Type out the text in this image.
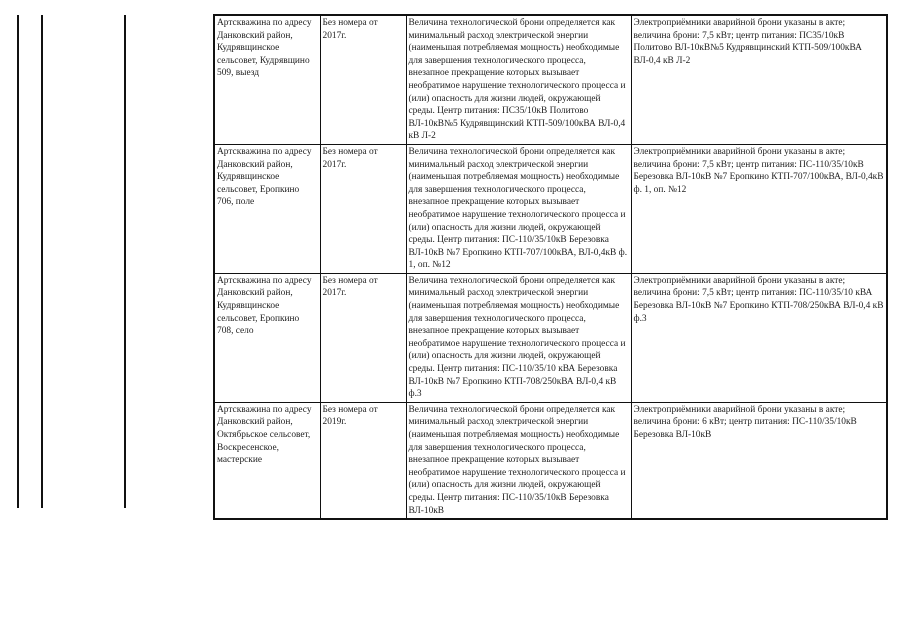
Артскважина по адресу Данковский район, Кудрявщинское сельсовет, Кудрявщино 509, выезд	Без номера от 2017г.	Величина технологической брони определяется как минимальный расход электрической энергии (наименьшая потребляемая мощность) необходимые для завершения технологического процесса, внезапное прекращение которых вызывает необратимое нарушение технологического процесса и (или) опасность для жизни людей, окружающей среды. Центр питания: ПС35/10кВ Политово ВЛ-10кВ№5 Кудрявщинский КТП-509/100кВА ВЛ-0,4 кВ Л-2	Электроприёмники аварийной брони указаны в акте; величина брони: 7,5 кВт; центр питания: ПС35/10кВ Политово ВЛ-10кВ№5 Кудрявщинский КТП-509/100кВА ВЛ-0,4 кВ Л-2
Артскважина по адресу Данковский район, Кудрявщинское сельсовет, Еропкино 706, поле	Без номера от 2017г.	Величина технологической брони определяется как минимальный расход электрической энергии (наименьшая потребляемая мощность) необходимые для завершения технологического процесса, внезапное прекращение которых вызывает необратимое нарушение технологического процесса и (или) опасность для жизни людей, окружающей среды. Центр питания: ПС-110/35/10кВ Березовка ВЛ-10кВ №7 Еропкино КТП-707/100кВА, ВЛ-0,4кВ ф. 1, оп. №12	Электроприёмники аварийной брони указаны в акте; величина брони: 7,5 кВт; центр питания: ПС-110/35/10кВ Березовка ВЛ-10кВ №7 Еропкино КТП-707/100кВА, ВЛ-0,4кВ ф. 1, оп. №12
Артскважина по адресу Данковский район, Кудрявщинское сельсовет, Еропкино 708, село	Без номера от 2017г.	Величина технологической брони определяется как минимальный расход электрической энергии (наименьшая потребляемая мощность) необходимые для завершения технологического процесса, внезапное прекращение которых вызывает необратимое нарушение технологического процесса и (или) опасность для жизни людей, окружающей среды. Центр питания: ПС-110/35/10 кВА Березовка ВЛ-10кВ №7 Еропкино КТП-708/250кВА ВЛ-0,4 кВ ф.3	Электроприёмники аварийной брони указаны в акте; величина брони: 7,5 кВт; центр питания: ПС-110/35/10 кВА Березовка ВЛ-10кВ №7 Еропкино КТП-708/250кВА ВЛ-0,4 кВ ф.3
Артскважина по адресу Данковский район, Октябрьское сельсовет, Воскресенское, мастерские	Без номера от 2019г.	Величина технологической брони определяется как минимальный расход электрической энергии (наименьшая потребляемая мощность) необходимые для завершения технологического процесса, внезапное прекращение которых вызывает необратимое нарушение технологического процесса и (или) опасность для жизни людей, окружающей среды. Центр питания: ПС-110/35/10кВ Березовка ВЛ-10кВ	Электроприёмники аварийной брони указаны в акте; величина брони: 6 кВт; центр питания: ПС-110/35/10кВ Березовка ВЛ-10кВ
